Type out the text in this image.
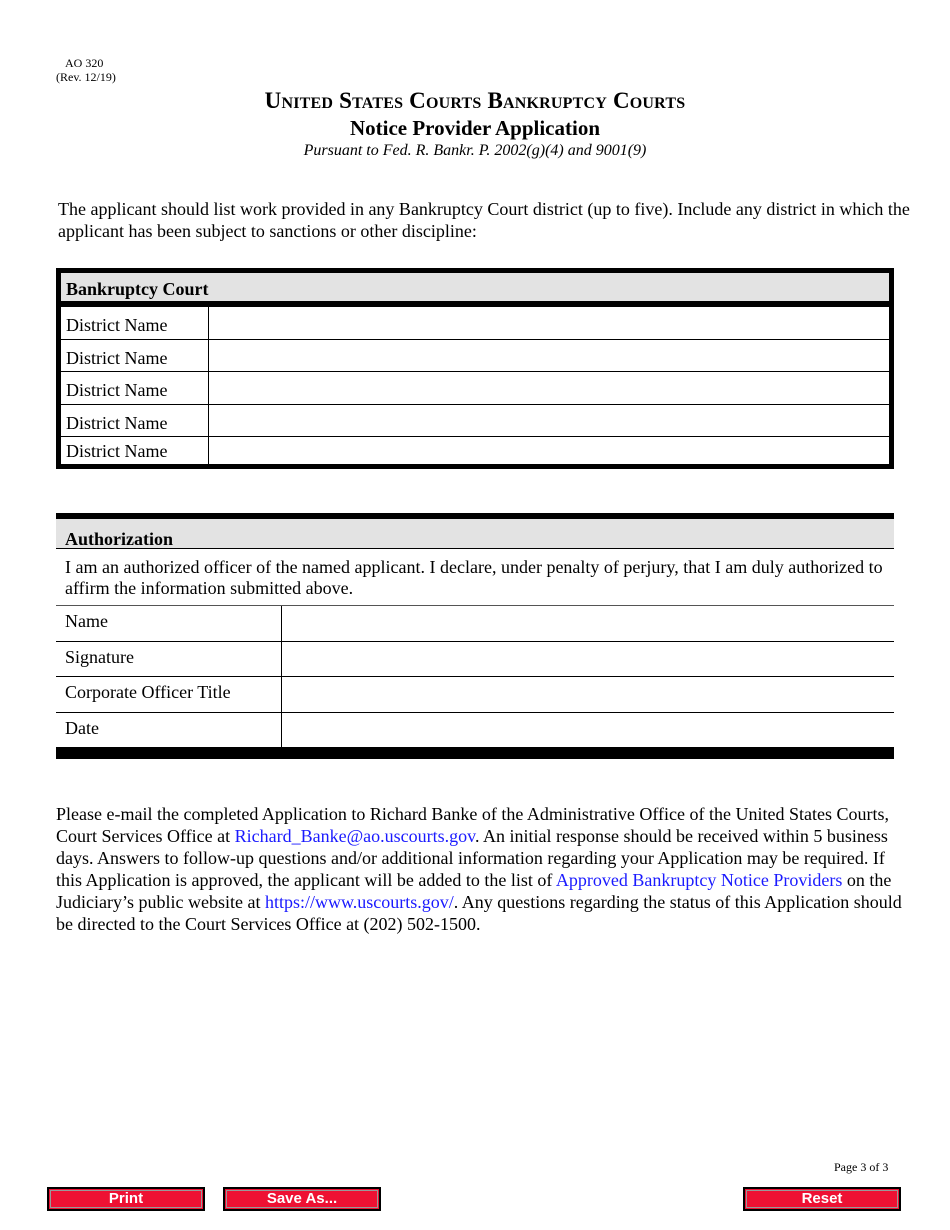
AO 320
(Rev. 12/19)
United States Courts Bankruptcy Courts
Notice Provider Application
Pursuant to Fed. R. Bankr. P. 2002(g)(4) and 9001(9)
The applicant should list work provided in any Bankruptcy Court district (up to five). Include any district in which the applicant has been subject to sanctions or other discipline:
Bankruptcy Court
District Name
District Name
District Name
District Name
District Name
Authorization
I am an authorized officer of the named applicant. I declare, under penalty of perjury, that I am duly authorized to affirm the information submitted above.
Name
Signature
Corporate Officer Title
Date
Please e-mail the completed Application to Richard Banke of the Administrative Office of the United States Courts, Court Services Office at Richard_Banke@ao.uscourts.gov. An initial response should be received within 5 business days. Answers to follow-up questions and/or additional information regarding your Application may be required. If this Application is approved, the applicant will be added to the list of Approved Bankruptcy Notice Providers on the Judiciary’s public website at https://www.uscourts.gov/. Any questions regarding the status of this Application should be directed to the Court Services Office at (202) 502-1500.
Page 3 of 3
Print	Save As...	Reset
